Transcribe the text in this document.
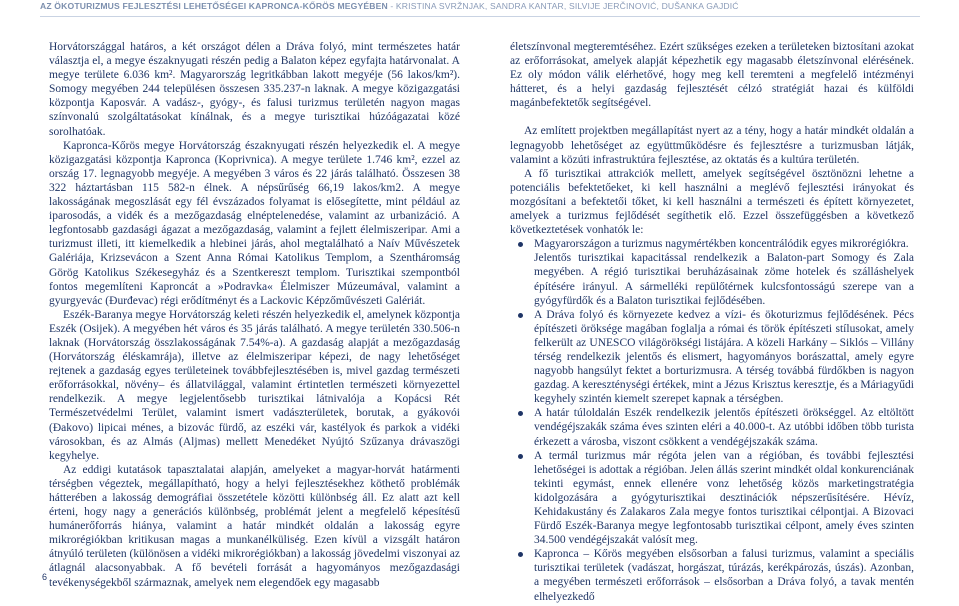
AZ ÖKOTURIZMUS FEJLESZTÉSI LEHETŐSÉGEI KAPRONCA-KŐRÖS MEGYÉBEN - KRISTINA SVRŽNJAK, SANDRA KANTAR, SILVIJE JERČINOVIĆ, DUŠANKA GAJDIĆ

Horvátországgal határos, a két országot délen a Dráva folyó, mint természetes határ választja el, a megye északnyugati részén pedig a Balaton képez egyfajta határvonalat. A megye területe 6.036 km². Magyarország legritkábban lakott megyéje (56 lakos/km²). Somogy megyében 244 településen összesen 335.237-n laknak. A megye közigazgatási központja Kaposvár. A vadász-, gyógy-, és falusi turizmus területén nagyon magas színvonalú szolgáltatásokat kínálnak, és a megye turisztikai húzóágazatai közé sorolhatóak.

Kapronca-Kőrös megye Horvátország északnyugati részén helyezkedik el. A megye közigazgatási központja Kapronca (Koprivnica). A megye területe 1.746 km², ezzel az ország 17. legnagyobb megyéje. A megyében 3 város és 22 járás található. Összesen 38 322 háztartásban 115 582-n élnek. A népsűrűség 66,19 lakos/km2. A megye lakosságának megoszlását egy fél évszázados folyamat is elősegítette, mint például az iparosodás, a vidék és a mezőgazdaság elnéptelenedése, valamint az urbanizáció. A legfontosabb gazdasági ágazat a mezőgazdaság, valamint a fejlett élelmiszeripar. Ami a turizmust illeti, itt kiemelkedik a hlebinei járás, ahol megtalálható a Naív Művészetek Galériája, Krizsevácon a Szent Anna Római Katolikus Templom, a Szentháromság Görög Katolikus Székesegyház és a Szentkereszt templom. Turisztikai szempontból fontos megemlíteni Kaproncát a »Podravka« Élelmiszer Múzeumával, valamint a gyurgyevác (Đurđevac) régi erődítményt és a Lackovic Képzőművészeti Galériát.

Eszék-Baranya megye Horvátország keleti részén helyezkedik el, amelynek központja Eszék (Osijek). A megyében hét város és 35 járás található. A megye területén 330.506-n laknak (Horvátország összlakosságának 7.54%-a). A gazdaság alapját a mezőgazdaság (Horvátország éléskamrája), illetve az élelmiszeripar képezi, de nagy lehetőséget rejtenek a gazdaság egyes területeinek továbbfejlesztésében is, mivel gazdag természeti erőforrásokkal, növény– és állatvilággal, valamint értintetlen természeti környezettel rendelkezik. A megye legjelentősebb turisztikai látnivalója a Kopácsi Rét Természetvédelmi Terület, valamint ismert vadászterületek, borutak, a gyákovói (Đakovo) lipicai ménes, a bizovác fürdő, az eszéki vár, kastélyok és parkok a vidéki városokban, és az Almás (Aljmas) mellett Menedéket Nyújtó Szűzanya drávaszögi kegyhelye.

Az eddigi kutatások tapasztalatai alapján, amelyeket a magyar-horvát határmenti térségben végeztek, megállapítható, hogy a helyi fejlesztésekhez köthető problémák hátterében a lakosság demográfiai összetétele közötti különbség áll. Ez alatt azt kell érteni, hogy nagy a generációs különbség, problémát jelent a megfelelő képesítésű humánerőforrás hiánya, valamint a határ mindkét oldalán a lakosság egyre mikrorégiókban kritikusan magas a munkanélküliség. Ezen kívül a vizsgált határon átnyúló területen (különösen a vidéki mikrorégiókban) a lakosság jövedelmi viszonyai az átlagnál alacsonyabbak. A fő bevételi forrását a hagyományos mezőgazdasági tevékenységekből származnak, amelyek nem elegendőek egy magasabb

életszínvonal megteremtéséhez. Ezért szükséges ezeken a területeken biztosítani azokat az erőforrásokat, amelyek alapját képezhetik egy magasabb életszínvonal elérésének. Ez oly módon válik elérhetővé, hogy meg kell teremteni a megfelelő intézményi hátteret, és a helyi gazdaság fejlesztését célzó stratégiát hazai és külföldi magánbefektetők segítségével.

Az említett projektben megállapítást nyert az a tény, hogy a határ mindkét oldalán a legnagyobb lehetőséget az együttműködésre és fejlesztésre a turizmusban látják, valamint a közúti infrastruktúra fejlesztése, az oktatás és a kultúra területén.

A fő turisztikai attrakciók mellett, amelyek segítségével ösztönözni lehetne a potenciális befektetőeket, ki kell használni a meglévő fejlesztési irányokat és mozgósítani a befektetői tőket, ki kell használni a természeti és épített környezetet, amelyek a turizmus fejlődését segíthetik elő. Ezzel összefüggésben a következő következtetések vonhatók le:

Magyarországon a turizmus nagymértékben koncentrálódik egyes mikrorégiókra.

Jelentős turisztikai kapacitással rendelkezik a Balaton-part Somogy és Zala megyében. A régió turisztikai beruházásainak zöme hotelek és szálláshelyek építésére irányul. A sármelléki repülőtérnek kulcsfontosságú szerepe van a gyógyfürdők és a Balaton turisztikai fejlődésében.

A Dráva folyó és környezete kedvez a vízi- és ökoturizmus fejlődésének. Pécs építészeti öröksége magában foglalja a római és török építészeti stílusokat, amely felkerült az UNESCO világörökségi listájára. A közeli Harkány – Siklós – Villány térség rendelkezik jelentős és elismert, hagyományos borászattal, amely egyre nagyobb hangsúlyt fektet a borturizmusra. A térség továbbá fürdőkben is nagyon gazdag. A kereszténységi értékek, mint a Jézus Krisztus keresztje, és a Máriagyűdi kegyhely szintén kiemelt szerepet kapnak a térségben.

A határ túloldalán Eszék rendelkezik jelentős építészeti örökséggel. Az eltöltött vendégéjszakák száma éves szinten eléri a 40.000-t. Az utóbbi időben több turista érkezett a városba, viszont csökkent a vendégéjszakák száma.

A termál turizmus már régóta jelen van a régióban, és további fejlesztési lehetőségei is adottak a régióban. Jelen állás szerint mindkét oldal konkurenciának tekinti egymást, ennek ellenére vonz lehetőség közös marketingstratégia kidolgozására a gyógyturisztikai desztinációk népszerűsítésére. Hévíz, Kehidakustány és Zalakaros Zala megye fontos turisztikai célpontjai. A Bizovaci Fürdő Eszék-Baranya megye legfontosabb turisztikai célpont, amely éves szinten 34.500 vendégéjszakát valósít meg.

Kapronca – Kőrös megyében elsősorban a falusi turizmus, valamint a speciális turisztikai területek (vadászat, horgászat, túrázás, kerékpározás, úszás). Azonban, a megyében természeti erőforrások – elsősorban a Dráva folyó, a tavak mentén elhelyezkedő

6
